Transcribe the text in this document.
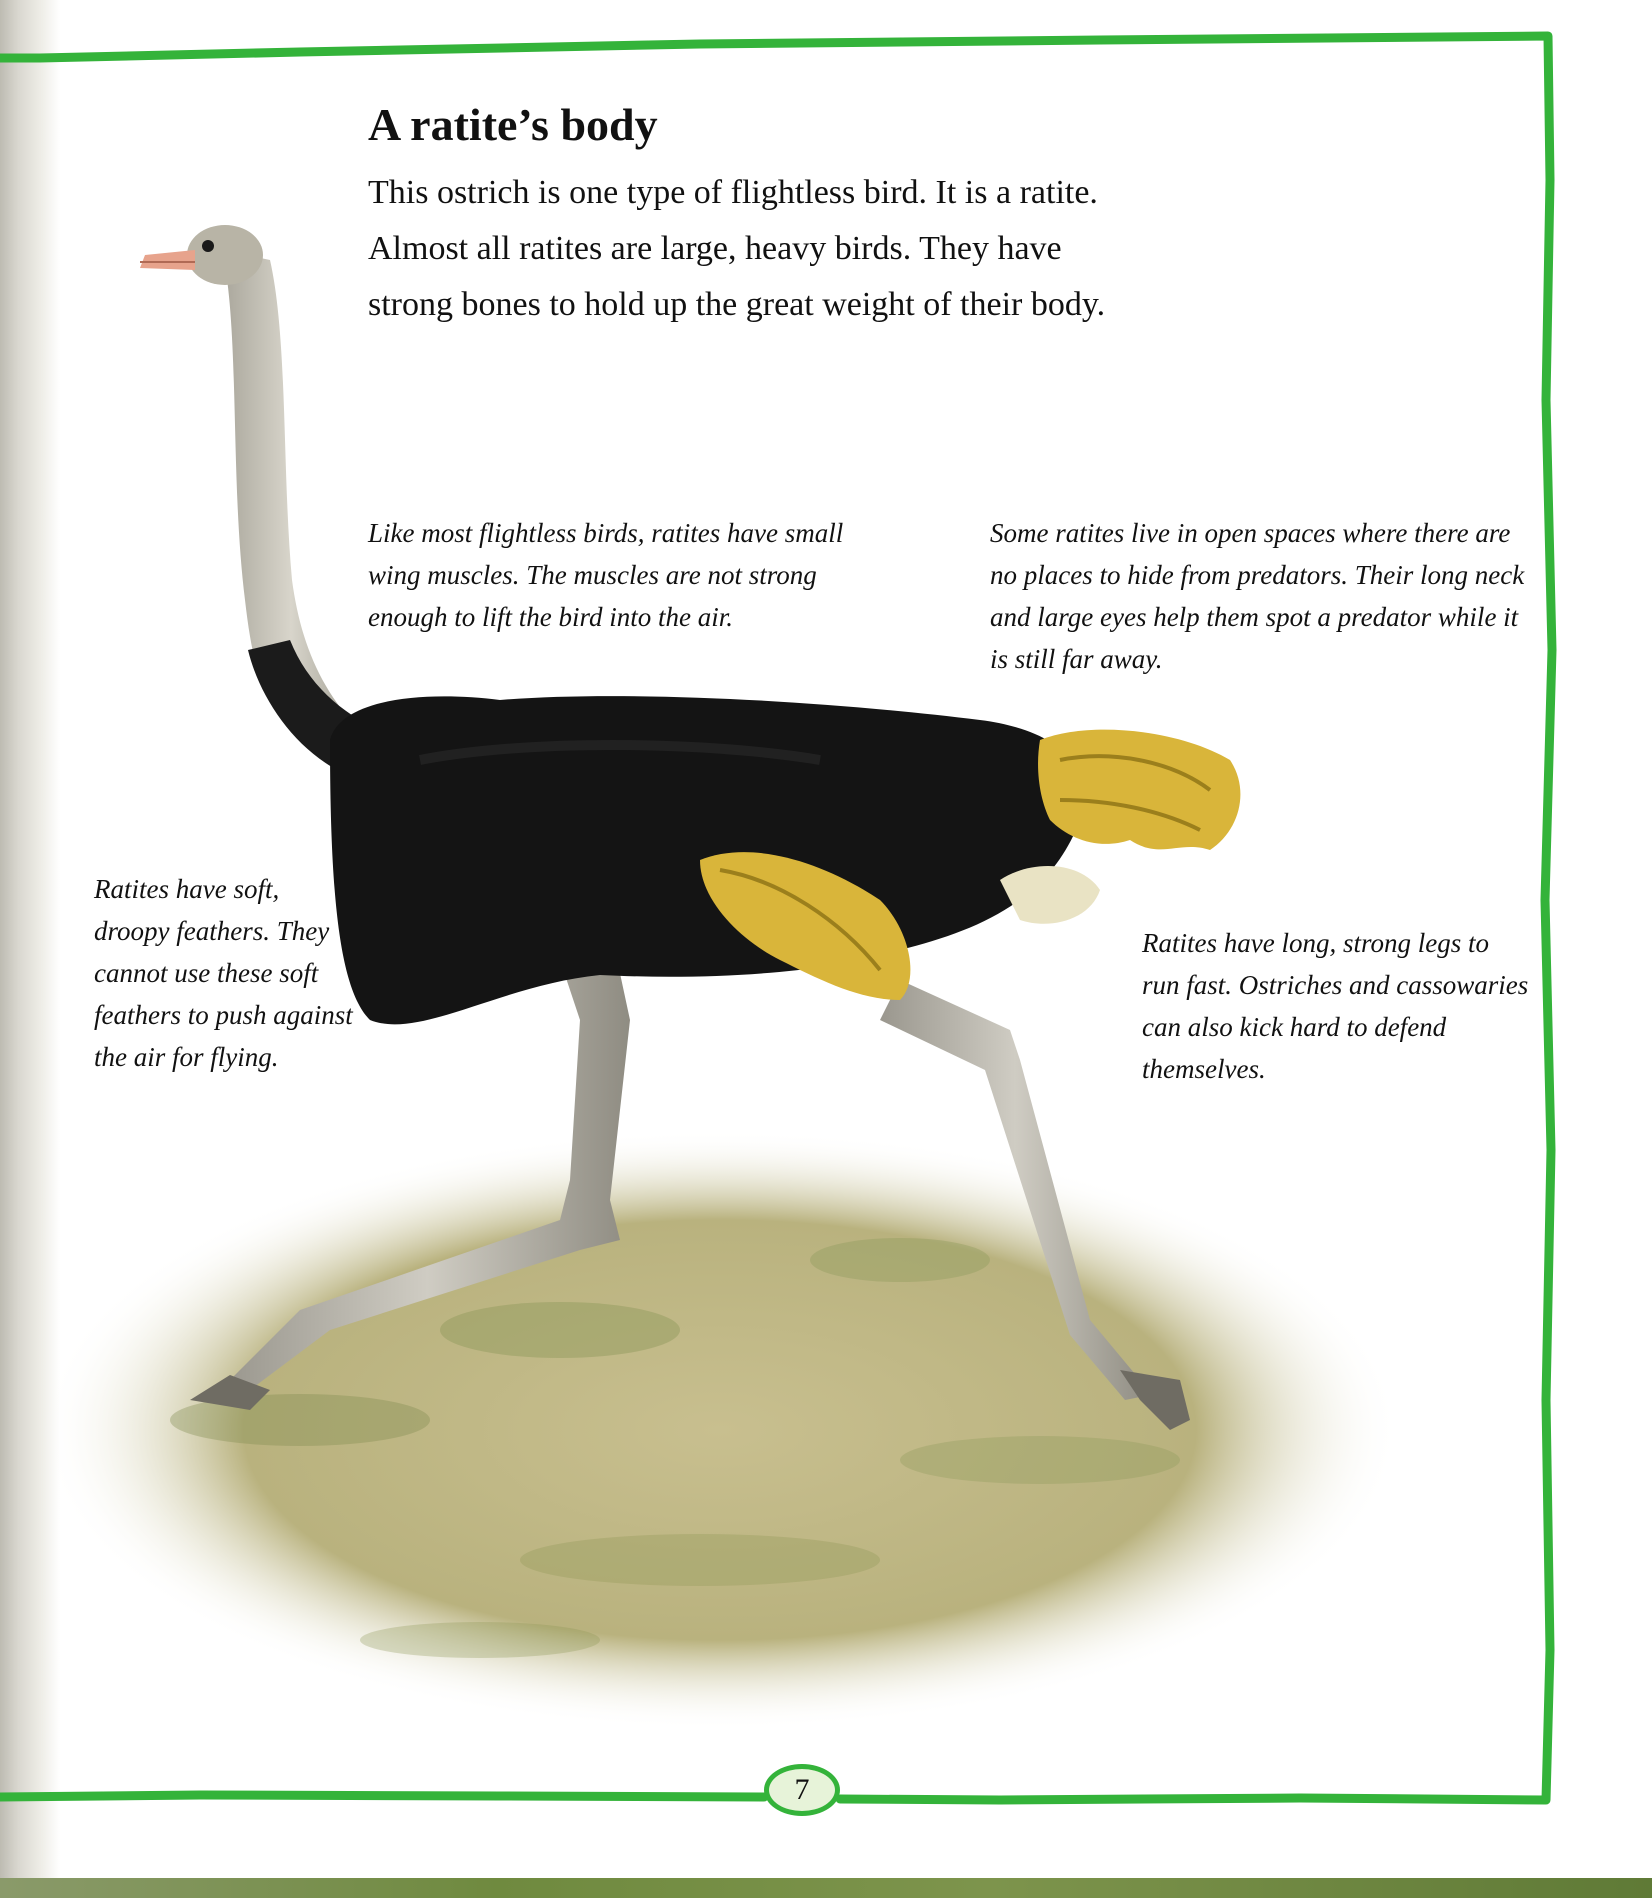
A ratite’s body

This ostrich is one type of flightless bird. It is a ratite. Almost all ratites are large, heavy birds. They have strong bones to hold up the great weight of their body.

Like most flightless birds, ratites have small wing muscles. The muscles are not strong enough to lift the bird into the air.

Some ratites live in open spaces where there are no places to hide from predators. Their long neck and large eyes help them spot a predator while it is still far away.

Ratites have soft, droopy feathers. They cannot use these soft feathers to push against the air for flying.

Ratites have long, strong legs to run fast. Ostriches and cassowaries can also kick hard to defend themselves.

7
